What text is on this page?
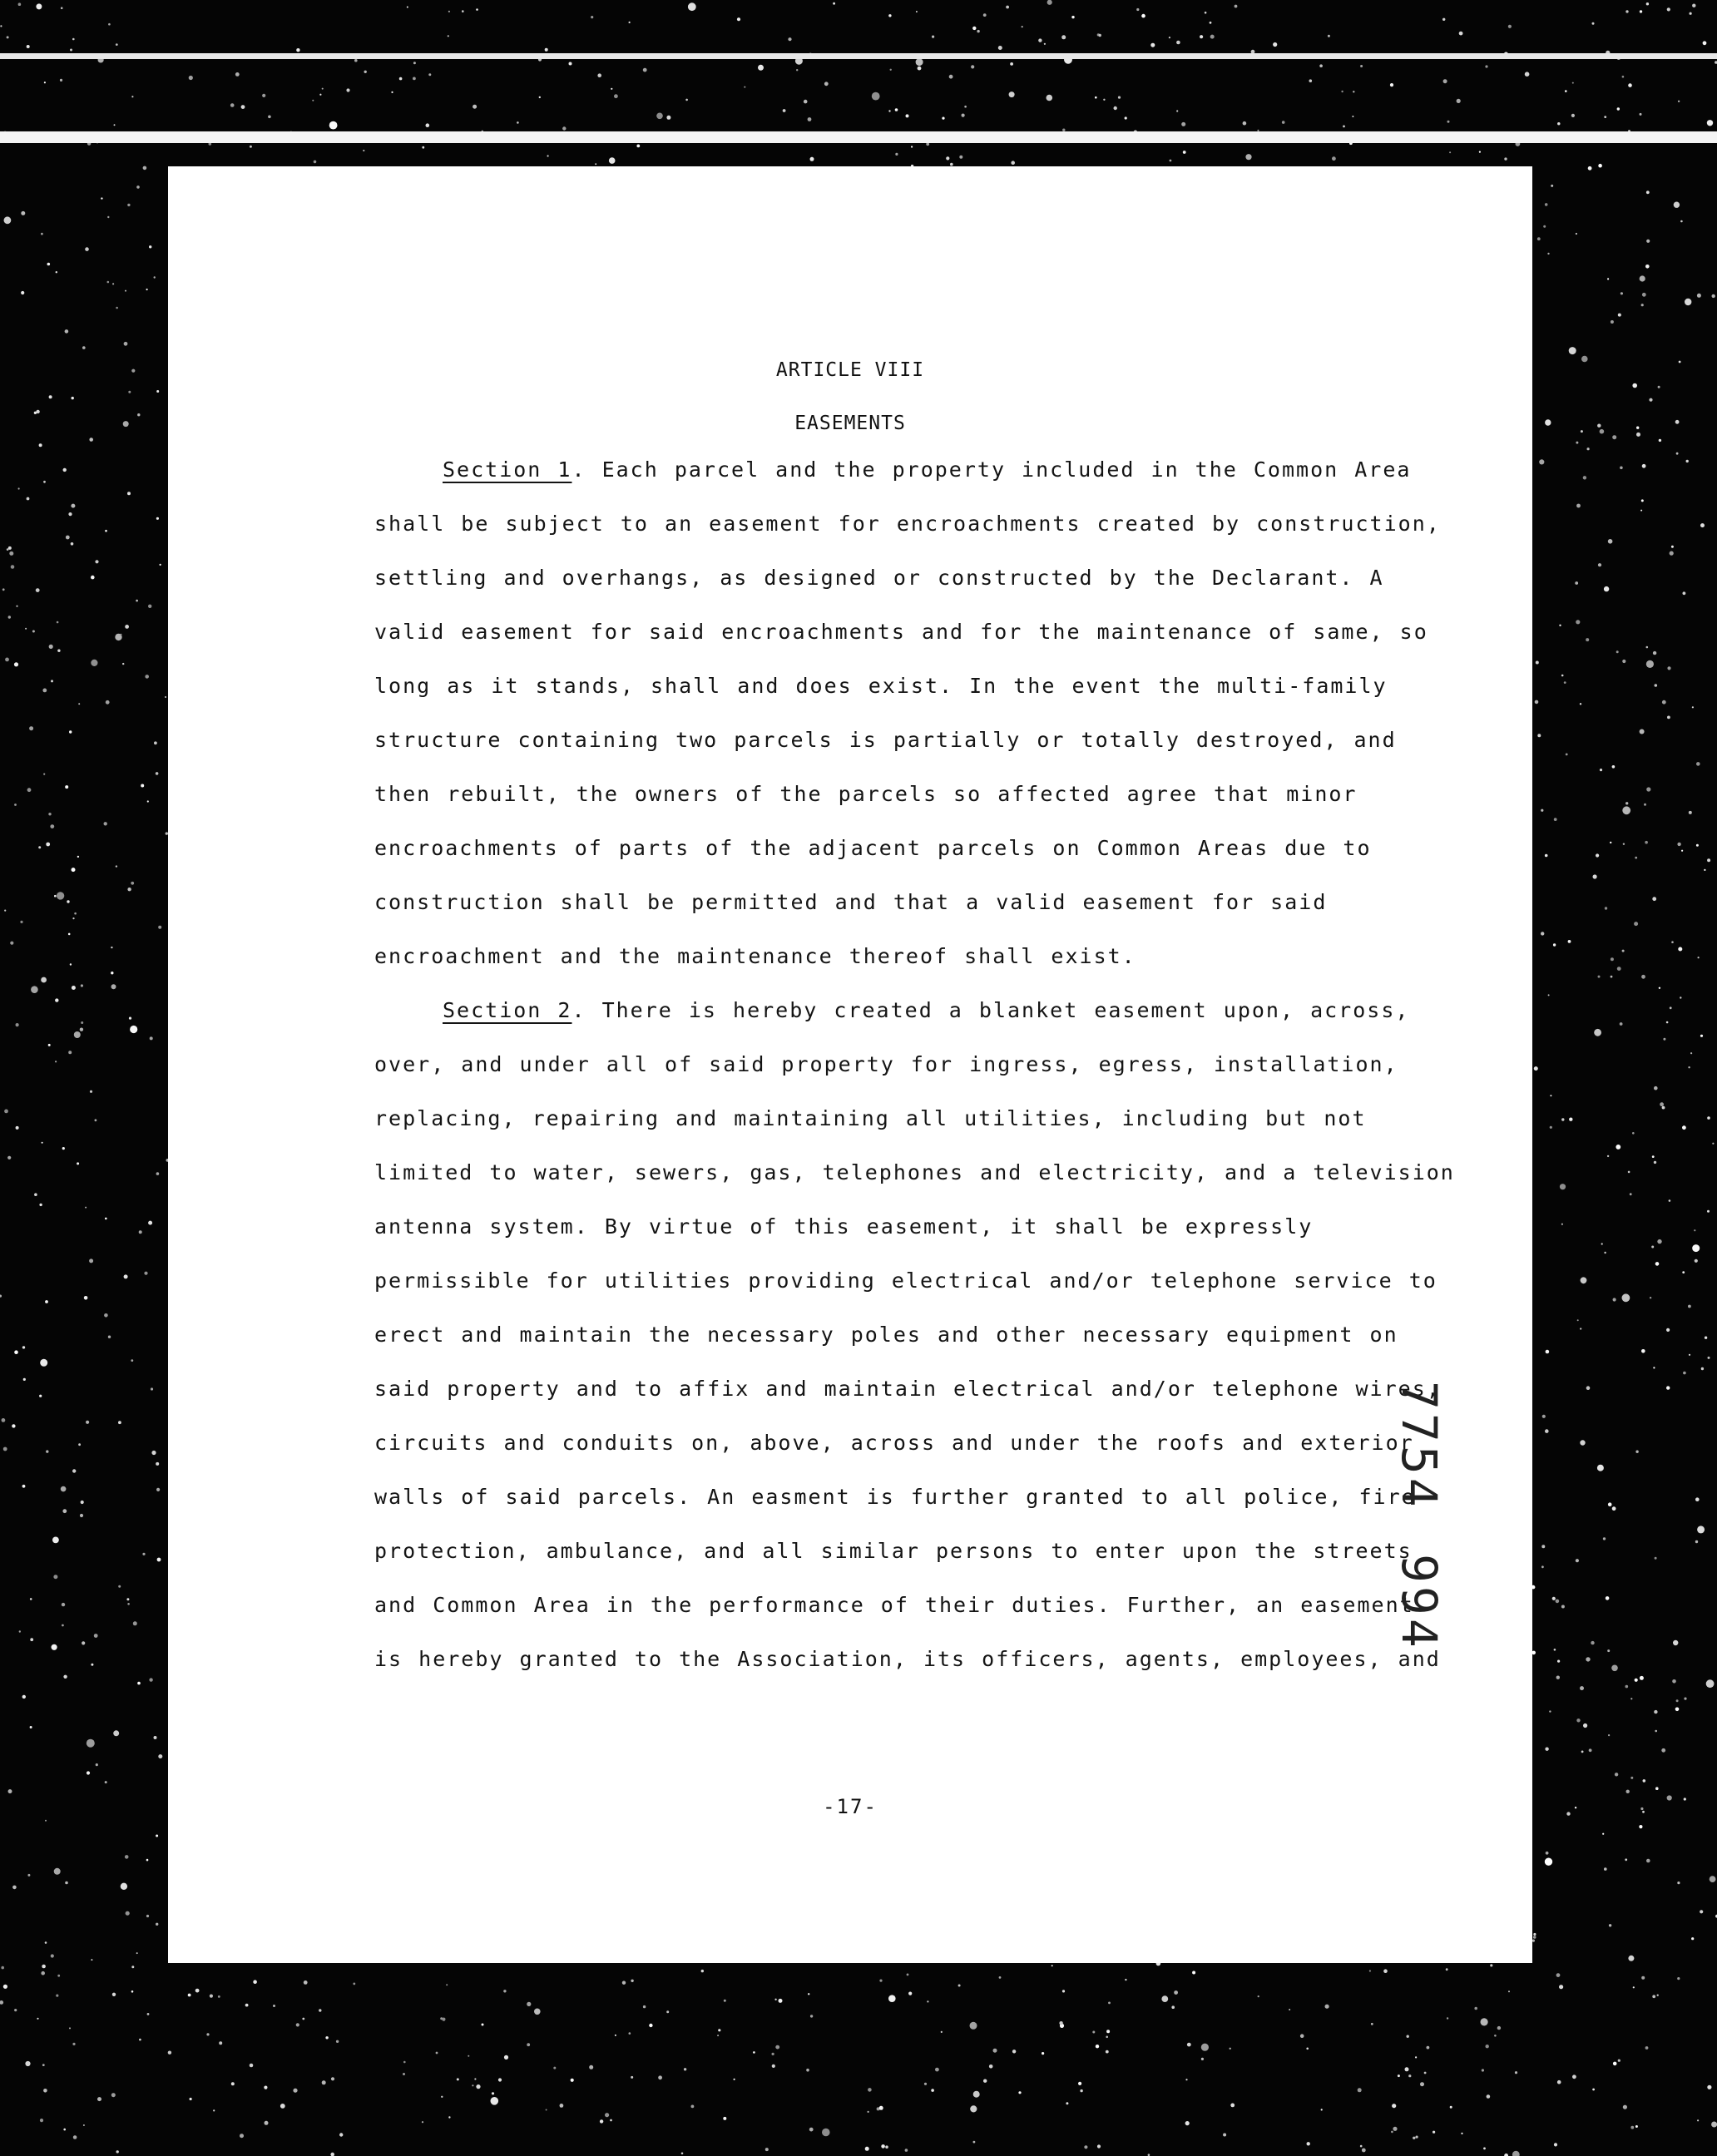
ARTICLE VIII
EASEMENTS
Section 1. Each parcel and the property included in the Common Area
shall be subject to an easement for encroachments created by construction,
settling and overhangs, as designed or constructed by the Declarant. A
valid easement for said encroachments and for the maintenance of same, so
long as it stands, shall and does exist. In the event the multi-family
structure containing two parcels is partially or totally destroyed, and
then rebuilt, the owners of the parcels so affected agree that minor
encroachments of parts of the adjacent parcels on Common Areas due to
construction shall be permitted and that a valid easement for said
encroachment and the maintenance thereof shall exist.
Section 2. There is hereby created a blanket easement upon, across,
over, and under all of said property for ingress, egress, installation,
replacing, repairing and maintaining all utilities, including but not
limited to water, sewers, gas, telephones and electricity, and a television
antenna system. By virtue of this easement, it shall be expressly
permissible for utilities providing electrical and/or telephone service to
erect and maintain the necessary poles and other necessary equipment on
said property and to affix and maintain electrical and/or telephone wires,
circuits and conduits on, above, across and under the roofs and exterior
walls of said parcels. An easment is further granted to all police, fire
protection, ambulance, and all similar persons to enter upon the streets
and Common Area in the performance of their duties. Further, an easement
is hereby granted to the Association, its officers, agents, employees, and
-17-
7754
994
